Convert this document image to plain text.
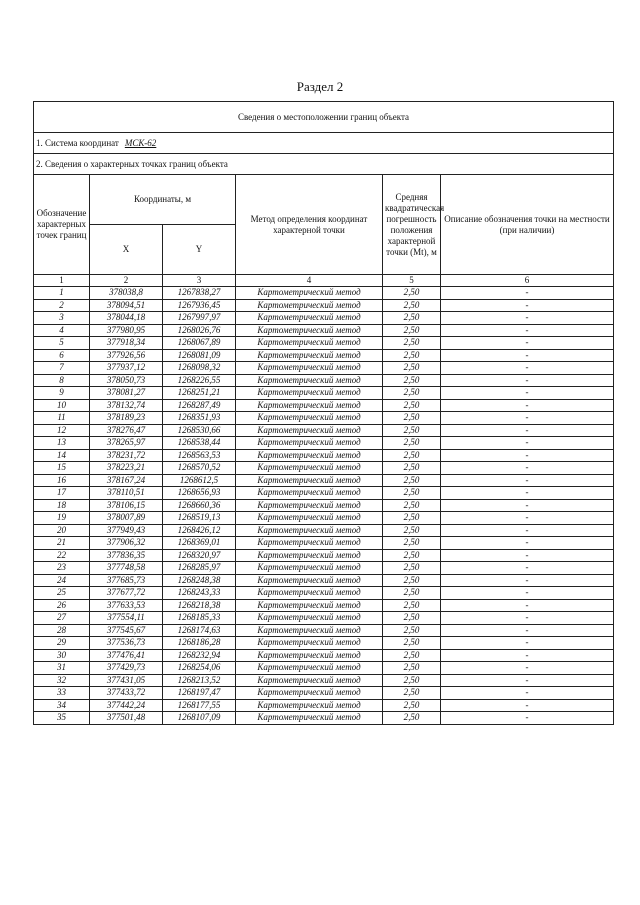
Раздел 2
Сведения о местоположении границ объекта					
1. Система координат МСК-62					
2. Сведения о характерных точках границ объекта					
Обозначение характерных точек границ	Координаты, м		Метод определения координат характерной точки	Средняя квадратическая погрешность положения характерной точки (Mt), м	Описание обозначения точки на местности (при наличии)
	X	Y			
1	2	3	4	5	6
1	378038,8	1267838,27	Картометрический метод	2,50	-
2	378094,51	1267936,45	Картометрический метод	2,50	-
3	378044,18	1267997,97	Картометрический метод	2,50	-
4	377980,95	1268026,76	Картометрический метод	2,50	-
5	377918,34	1268067,89	Картометрический метод	2,50	-
6	377926,56	1268081,09	Картометрический метод	2,50	-
7	377937,12	1268098,32	Картометрический метод	2,50	-
8	378050,73	1268226,55	Картометрический метод	2,50	-
9	378081,27	1268251,21	Картометрический метод	2,50	-
10	378132,74	1268287,49	Картометрический метод	2,50	-
11	378189,23	1268351,93	Картометрический метод	2,50	-
12	378276,47	1268530,66	Картометрический метод	2,50	-
13	378265,97	1268538,44	Картометрический метод	2,50	-
14	378231,72	1268563,53	Картометрический метод	2,50	-
15	378223,21	1268570,52	Картометрический метод	2,50	-
16	378167,24	1268612,5	Картометрический метод	2,50	-
17	378110,51	1268656,93	Картометрический метод	2,50	-
18	378106,15	1268660,36	Картометрический метод	2,50	-
19	378007,89	1268519,13	Картометрический метод	2,50	-
20	377949,43	1268426,12	Картометрический метод	2,50	-
21	377906,32	1268369,01	Картометрический метод	2,50	-
22	377836,35	1268320,97	Картометрический метод	2,50	-
23	377748,58	1268285,97	Картометрический метод	2,50	-
24	377685,73	1268248,38	Картометрический метод	2,50	-
25	377677,72	1268243,33	Картометрический метод	2,50	-
26	377633,53	1268218,38	Картометрический метод	2,50	-
27	377554,11	1268185,33	Картометрический метод	2,50	-
28	377545,67	1268174,63	Картометрический метод	2,50	-
29	377536,73	1268186,28	Картометрический метод	2,50	-
30	377476,41	1268232,94	Картометрический метод	2,50	-
31	377429,73	1268254,06	Картометрический метод	2,50	-
32	377431,05	1268213,52	Картометрический метод	2,50	-
33	377433,72	1268197,47	Картометрический метод	2,50	-
34	377442,24	1268177,55	Картометрический метод	2,50	-
35	377501,48	1268107,09	Картометрический метод	2,50	-
